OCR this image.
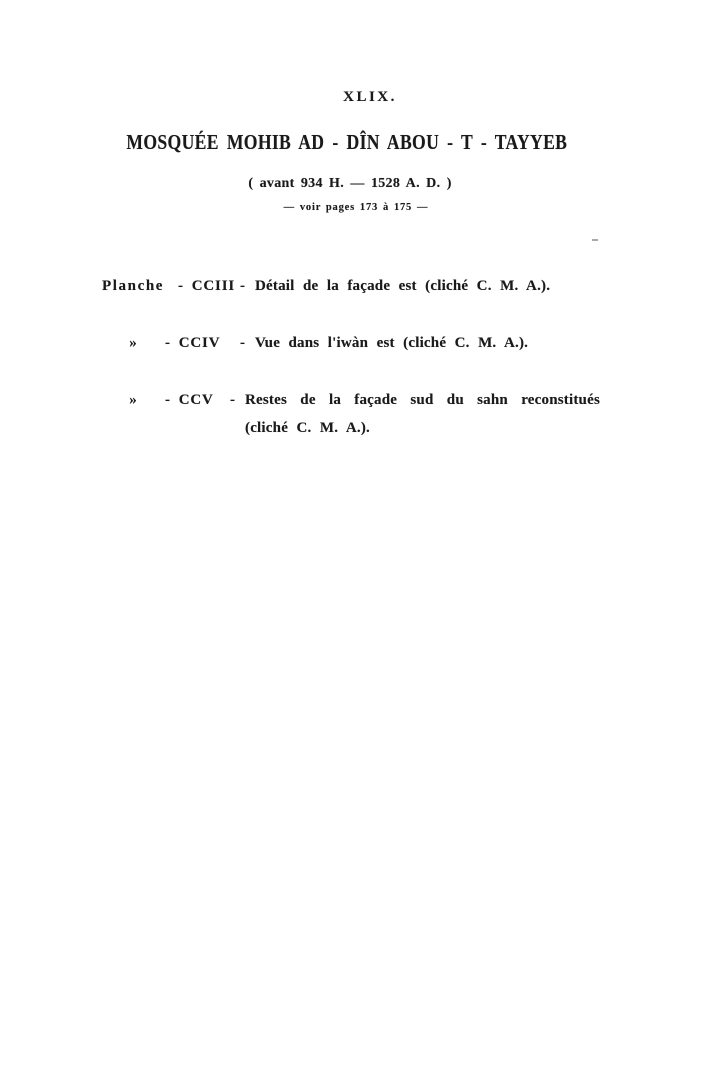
XLIX.
MOSQUÉE MOHIB AD - DÎN ABOU - T - TAYYEB
( avant 934 H. — 1528 A. D. )
— voir pages 173 à 175 —
Planche - CCIII - Détail de la façade est (cliché C. M. A.).
»	- CCIV - Vue dans l'iwàn est (cliché C. M. A.).
»	- CCV - Restes de la façade sud du sahn reconstitués
(cliché C. M. A.).
